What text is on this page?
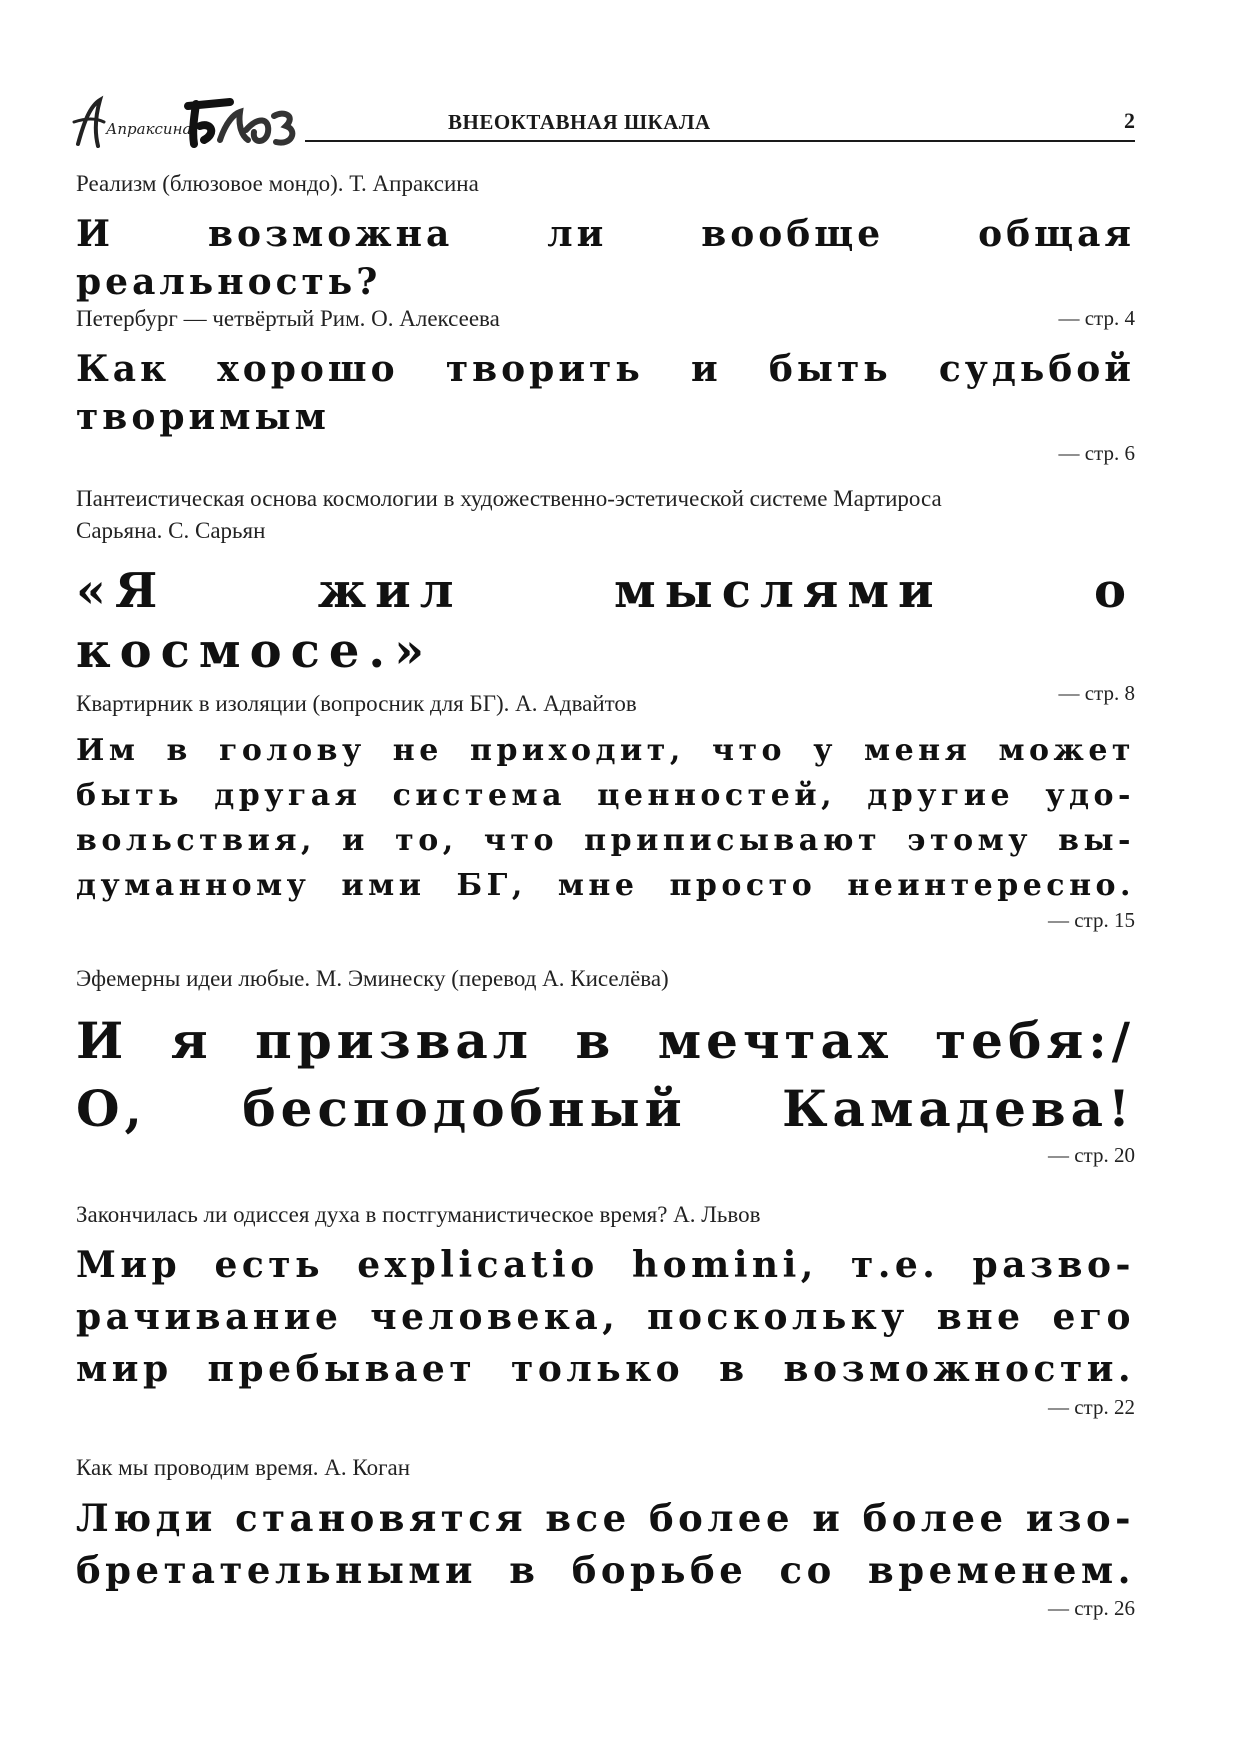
Апраксина	ВНЕОКТАВНАЯ ШКАЛА	2

Реализм (блюзовое мондо). Т. Апраксина

И возможна ли вообще общая реальность?

— стр. 4

Петербург — четвёртый Рим. О. Алексеева

Как хорошо творить и быть судьбой творимым

— стр. 6

Пантеистическая основа космологии в художественно-эстетической системе Мартироса
Сарьяна. С. Сарьян

«Я жил мыслями о космосе.»

— стр. 8

Квартирник в изоляции (вопросник для БГ). А. Адвайтов

Им в голову не приходит, что у меня может
быть другая система ценностей, другие удо-
вольствия, и то, что приписывают этому вы-
думанному ими БГ, мне просто неинтересно.

— стр. 15

Эфемерны идеи любые. М. Эминеску (перевод А. Киселёва)

И я призвал в мечтах тебя:/
О, бесподобный Камадева!

— стр. 20

Закончилась ли одиссея духа в постгуманистическое время? А. Львов

Мир есть explicatio homini, т.е. разво-
рачивание человека, поскольку вне его
мир пребывает только в возможности.

— стр. 22

Как мы проводим время. А. Коган

Люди становятся все более и более изо-
бретательными в борьбе со временем.

— стр. 26
